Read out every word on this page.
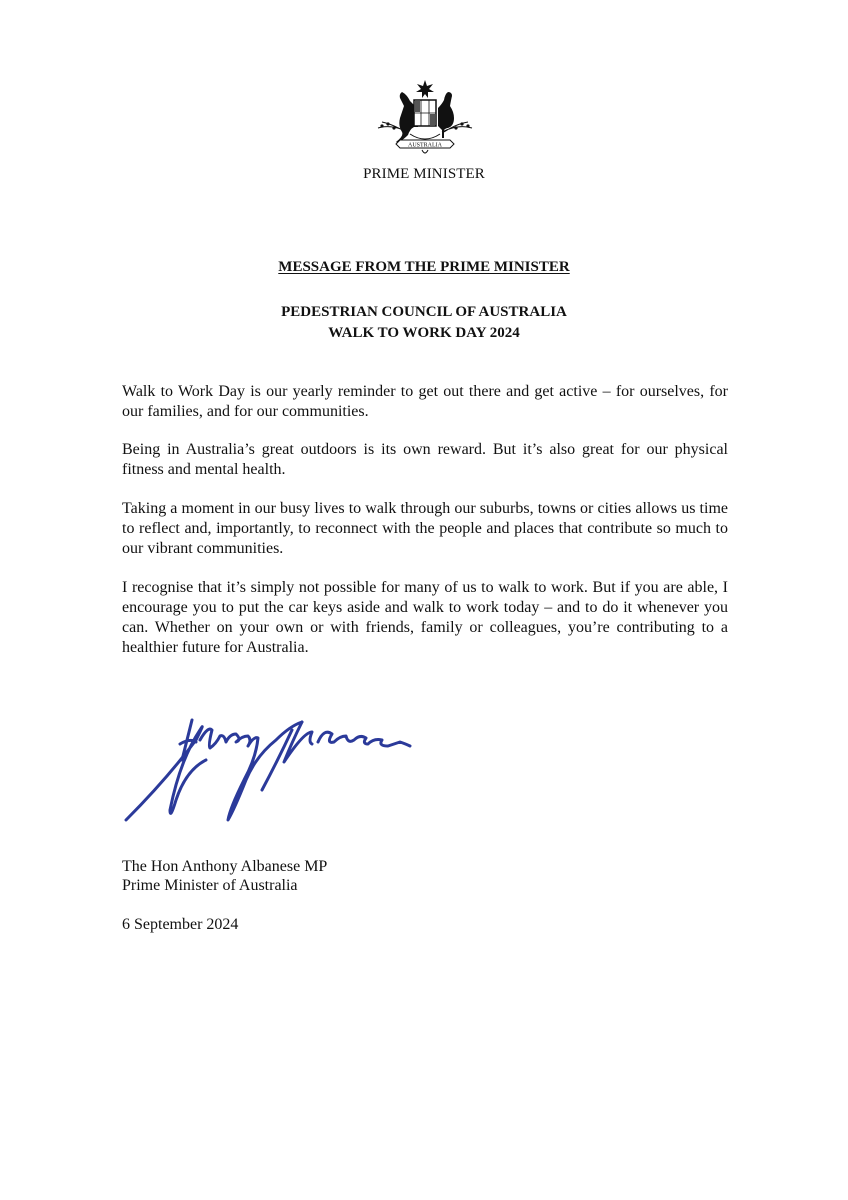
AUSTRALIA
PRIME MINISTER
MESSAGE FROM THE PRIME MINISTER
PEDESTRIAN COUNCIL OF AUSTRALIA
WALK TO WORK DAY 2024

Walk to Work Day is our yearly reminder to get out there and get active – for ourselves, for our families, and for our communities.

Being in Australia’s great outdoors is its own reward. But it’s also great for our physical fitness and mental health.

Taking a moment in our busy lives to walk through our suburbs, towns or cities allows us time to reflect and, importantly, to reconnect with the people and places that contribute so much to our vibrant communities.

I recognise that it’s simply not possible for many of us to walk to work. But if you are able, I encourage you to put the car keys aside and walk to work today – and to do it whenever you can. Whether on your own or with friends, family or colleagues, you’re contributing to a healthier future for Australia.

The Hon Anthony Albanese MP
Prime Minister of Australia
6 September 2024
